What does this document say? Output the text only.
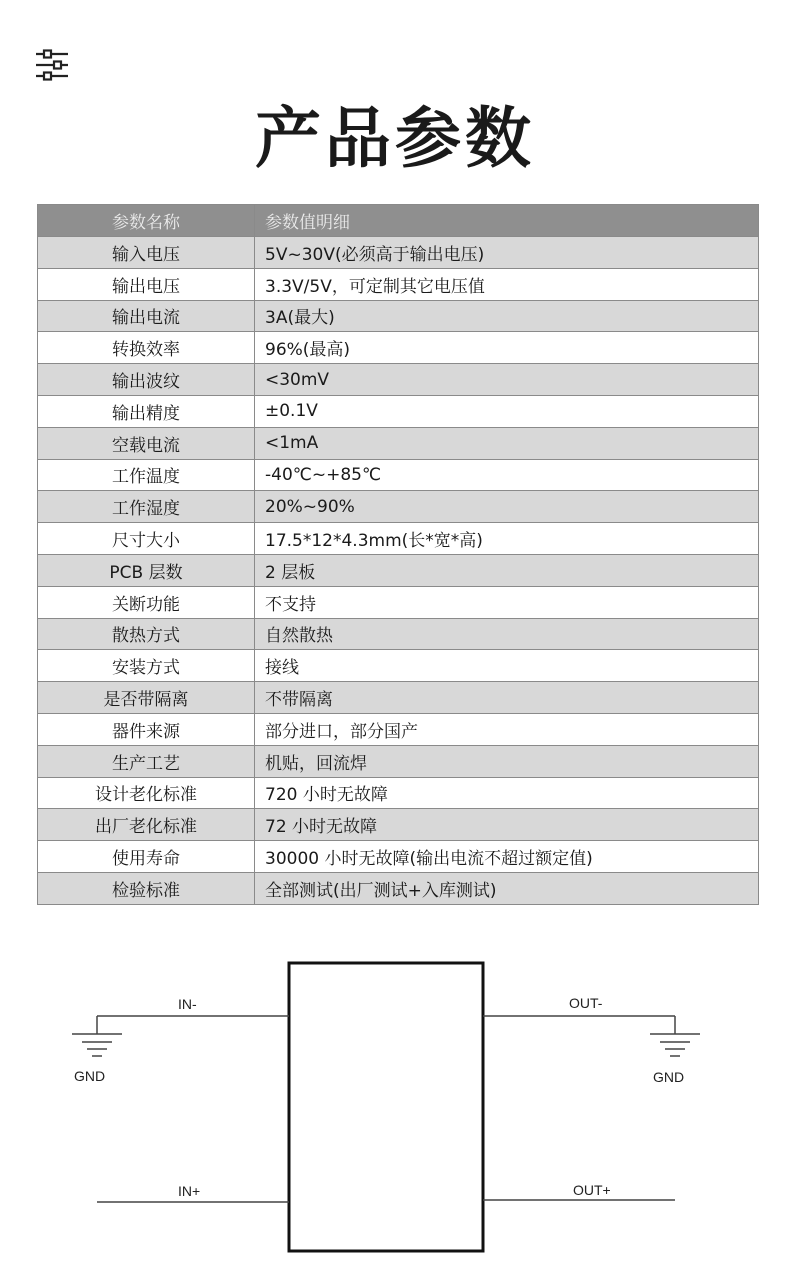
产品参数
参数名称	参数值明细
输入电压	5V~30V(必须高于输出电压)
输出电压	3.3V/5V，可定制其它电压值
输出电流	3A(最大)
转换效率	96%(最高)
输出波纹	<30mV
输出精度	±0.1V
空载电流	<1mA
工作温度	-40℃~+85℃
工作湿度	20%~90%
尺寸大小	17.5*12*4.3mm(长*宽*高)
PCB 层数	2 层板
关断功能	不支持
散热方式	自然散热
安装方式	接线
是否带隔离	不带隔离
器件来源	部分进口，部分国产
生产工艺	机贴，回流焊
设计老化标准	720 小时无故障
出厂老化标准	72 小时无故障
使用寿命	30000 小时无故障(输出电流不超过额定值)
检验标准	全部测试(出厂测试+入库测试)
IN-
GND
OUT-
GND
IN+	OUT+
